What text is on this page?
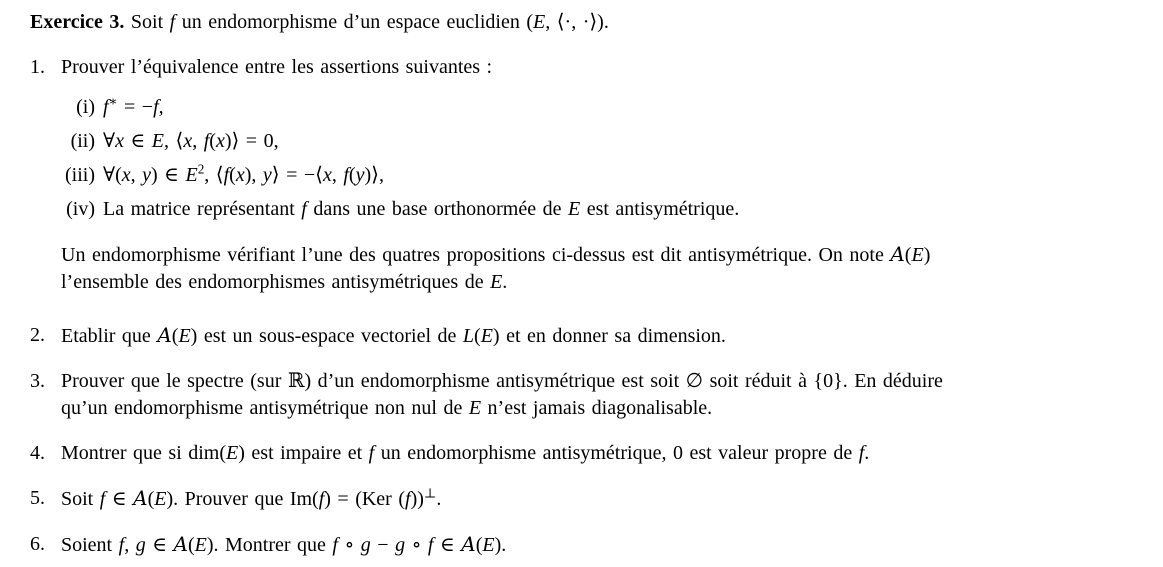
Exercice 3. Soit f un endomorphisme d’un espace euclidien (E, ⟨·, ·⟩).
1. Prouver l’équivalence entre les assertions suivantes :
(i) f∗ = −f,
(ii) ∀x ∈ E, ⟨x, f(x)⟩ = 0,
(iii) ∀(x, y) ∈ $E^2$, ⟨f(x), y⟩ = −⟨x, f(y)⟩,
(iv) La matrice représentant f dans une base orthonormée de E est antisymétrique.
Un endomorphisme vérifiant l’une des quatres propositions ci-dessus est dit antisymétrique. On note A(E)
l’ensemble des endomorphismes antisymétriques de E.
2. Etablir que A(E) est un sous-espace vectoriel de L(E) et en donner sa dimension.
3. Prouver que le spectre (sur ℝ) d’un endomorphisme antisymétrique est soit ∅ soit réduit à {0}. En déduire
qu’un endomorphisme antisymétrique non nul de E n’est jamais diagonalisable.
4. Montrer que si dim(E) est impaire et f un endomorphisme antisymétrique, 0 est valeur propre de f.
5. Soit f ∈ A(E). Prouver que Im(f) = (Ker (f))⊥.
6. Soient f, g ∈ A(E). Montrer que f ∘ g − g ∘ f ∈ A(E).
